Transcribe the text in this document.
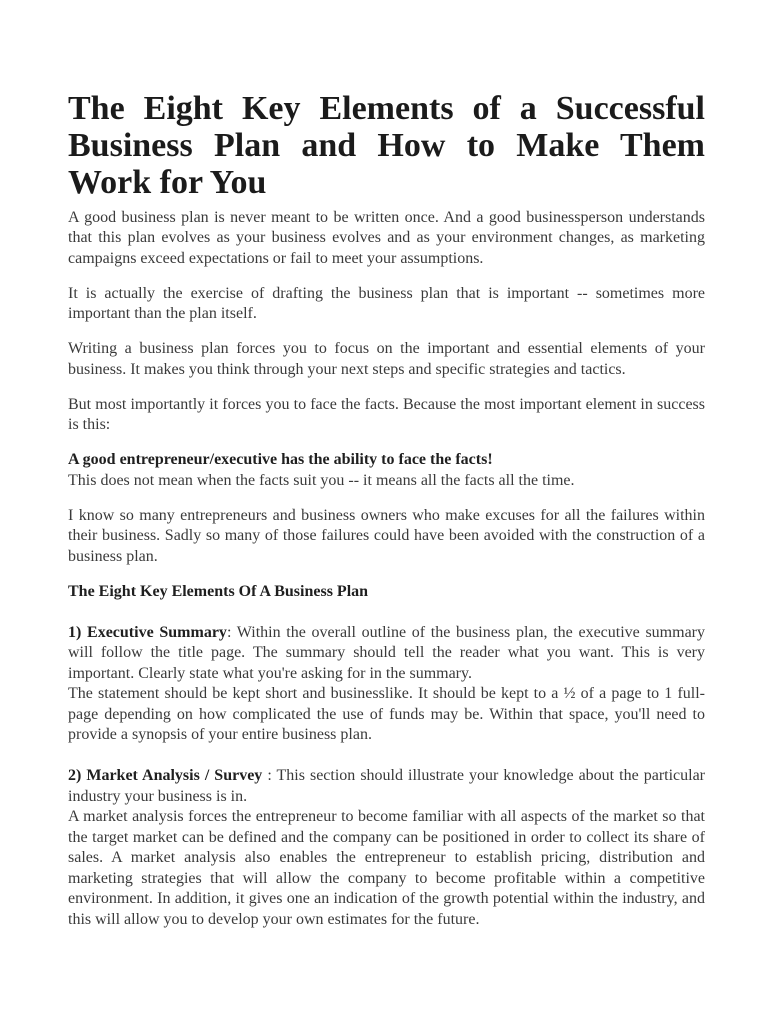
The Eight Key Elements of a Successful Business Plan and How to Make Them Work for You

A good business plan is never meant to be written once. And a good businessperson understands that this plan evolves as your business evolves and as your environment changes, as marketing campaigns exceed expectations or fail to meet your assumptions.

It is actually the exercise of drafting the business plan that is important -- sometimes more important than the plan itself.

Writing a business plan forces you to focus on the important and essential elements of your business. It makes you think through your next steps and specific strategies and tactics.

But most importantly it forces you to face the facts. Because the most important element in success is this:

A good entrepreneur/executive has the ability to face the facts!
This does not mean when the facts suit you -- it means all the facts all the time.

I know so many entrepreneurs and business owners who make excuses for all the failures within their business. Sadly so many of those failures could have been avoided with the construction of a business plan.

The Eight Key Elements Of A Business Plan

1) Executive Summary: Within the overall outline of the business plan, the executive summary will follow the title page. The summary should tell the reader what you want. This is very important. Clearly state what you're asking for in the summary.
The statement should be kept short and businesslike. It should be kept to a ½ of a page to 1 full-page depending on how complicated the use of funds may be. Within that space, you'll need to provide a synopsis of your entire business plan.

2) Market Analysis / Survey : This section should illustrate your knowledge about the particular industry your business is in.
A market analysis forces the entrepreneur to become familiar with all aspects of the market so that the target market can be defined and the company can be positioned in order to collect its share of sales. A market analysis also enables the entrepreneur to establish pricing, distribution and marketing strategies that will allow the company to become profitable within a competitive environment. In addition, it gives one an indication of the growth potential within the industry, and this will allow you to develop your own estimates for the future.
